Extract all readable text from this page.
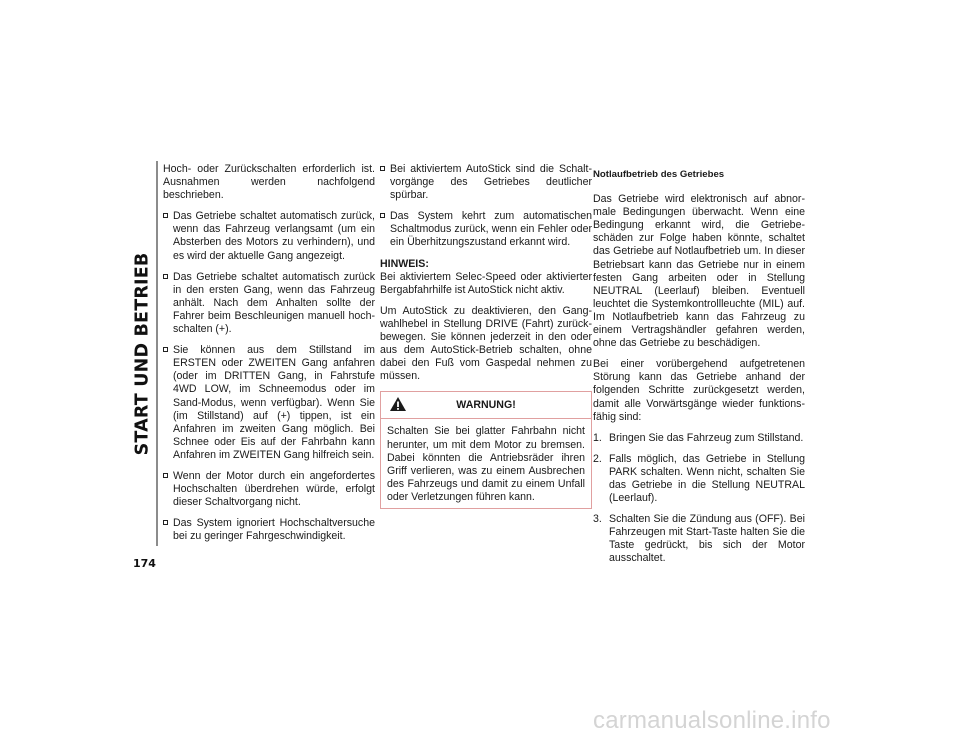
START UND BETRIEB
174

Hoch- oder Zurückschalten erforderlich ist. Ausnahmen werden nachfolgend beschrieben.

Das Getriebe schaltet automatisch zurück, wenn das Fahrzeug verlangsamt (um ein Absterben des Motors zu verhindern), und es wird der aktuelle Gang angezeigt.
Das Getriebe schaltet automatisch zurück in den ersten Gang, wenn das Fahrzeug anhält. Nach dem Anhalten sollte der Fahrer beim Beschleunigen manuell hochschalten (+).
Sie können aus dem Stillstand im ERSTEN oder ZWEITEN Gang anfahren (oder im DRITTEN Gang, in Fahrstufe 4WD LOW, im Schneemodus oder im Sand-Modus, wenn verfügbar). Wenn Sie (im Stillstand) auf (+) tippen, ist ein Anfahren im zweiten Gang möglich. Bei Schnee oder Eis auf der Fahrbahn kann Anfahren im ZWEITEN Gang hilfreich sein.
Wenn der Motor durch ein angefordertes Hochschalten überdrehen würde, erfolgt dieser Schaltvorgang nicht.
Das System ignoriert Hochschaltversuche bei zu geringer Fahrgeschwindigkeit.
Bei aktiviertem AutoStick sind die Schaltvorgänge des Getriebes deutlicher spürbar.
Das System kehrt zum automatischen Schaltmodus zurück, wenn ein Fehler oder ein Überhitzungszustand erkannt wird.
HINWEIS:

Bei aktiviertem Selec-Speed oder aktivierter Bergabfahrhilfe ist AutoStick nicht aktiv.

Um AutoStick zu deaktivieren, den Gangwahlhebel in Stellung DRIVE (Fahrt) zurückbewegen. Sie können jederzeit in den oder aus dem AutoStick-Betrieb schalten, ohne dabei den Fuß vom Gaspedal nehmen zu müssen.

WARNUNG!

Schalten Sie bei glatter Fahrbahn nicht herunter, um mit dem Motor zu bremsen. Dabei könnten die Antriebsräder ihren Griff verlieren, was zu einem Ausbrechen des Fahrzeugs und damit zu einem Unfall oder Verletzungen führen kann.

Notlaufbetrieb des Getriebes

Das Getriebe wird elektronisch auf abnormale Bedingungen überwacht. Wenn eine Bedingung erkannt wird, die Getriebeschäden zur Folge haben könnte, schaltet das Getriebe auf Notlaufbetrieb um. In dieser Betriebsart kann das Getriebe nur in einem festen Gang arbeiten oder in Stellung NEUTRAL (Leerlauf) bleiben. Eventuell leuchtet die Systemkontrollleuchte (MIL) auf. Im Notlaufbetrieb kann das Fahrzeug zu einem Vertragshändler gefahren werden, ohne das Getriebe zu beschädigen.

Bei einer vorübergehend aufgetretenen Störung kann das Getriebe anhand der folgenden Schritte zurückgesetzt werden, damit alle Vorwärtsgänge wieder funktionsfähig sind:

1. Bringen Sie das Fahrzeug zum Stillstand.
2. Falls möglich, das Getriebe in Stellung PARK schalten. Wenn nicht, schalten Sie das Getriebe in die Stellung NEUTRAL (Leerlauf).
3. Schalten Sie die Zündung aus (OFF). Bei Fahrzeugen mit Start-Taste halten Sie die Taste gedrückt, bis sich der Motor ausschaltet.
carmanualsonline.info
